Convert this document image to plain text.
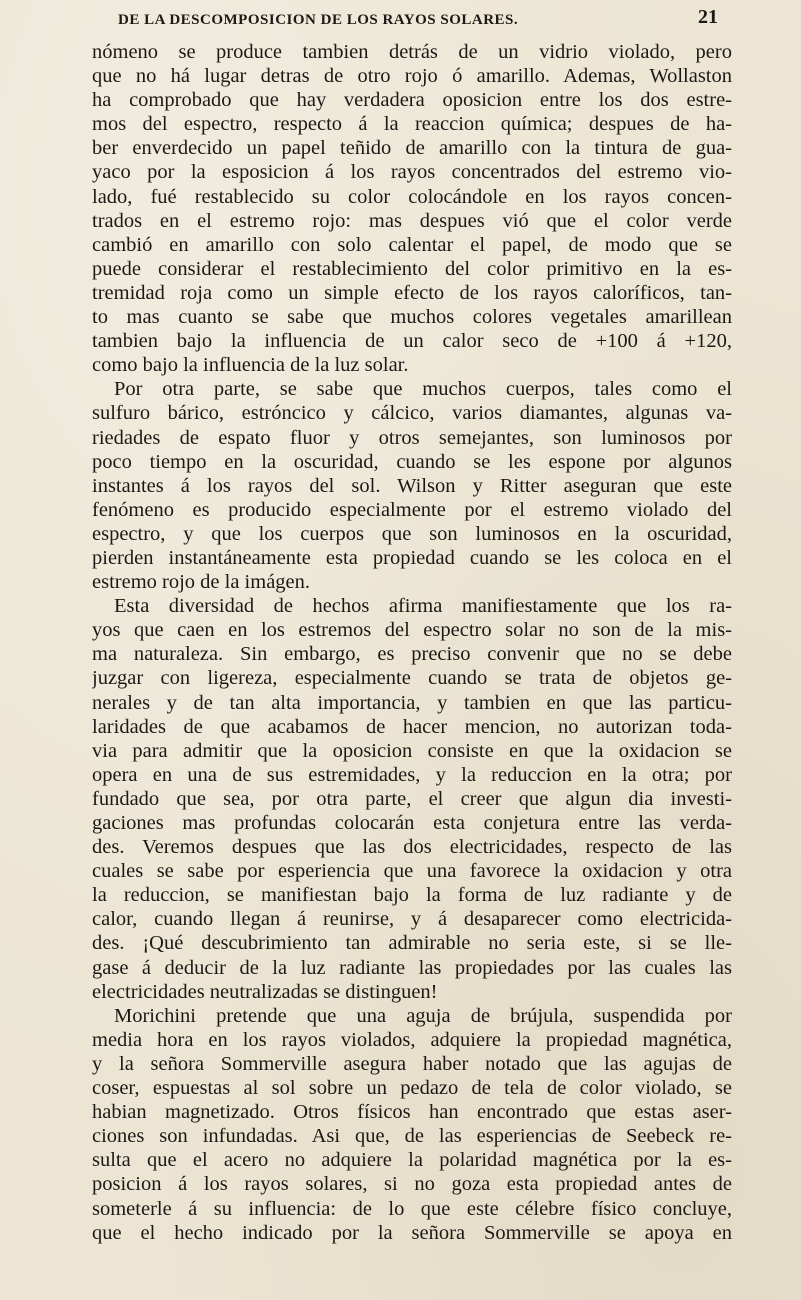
DE LA DESCOMPOSICION DE LOS RAYOS SOLARES.	21
nómeno se produce tambien detrás de un vidrio violado, pero
que no há lugar detras de otro rojo ó amarillo. Ademas, Wollaston
ha comprobado que hay verdadera oposicion entre los dos estre-
mos del espectro, respecto á la reaccion química; despues de ha-
ber enverdecido un papel teñido de amarillo con la tintura de gua-
yaco por la esposicion á los rayos concentrados del estremo vio-
lado, fué restablecido su color colocándole en los rayos concen-
trados en el estremo rojo: mas despues vió que el color verde
cambió en amarillo con solo calentar el papel, de modo que se
puede considerar el restablecimiento del color primitivo en la es-
tremidad roja como un simple efecto de los rayos caloríficos, tan-
to mas cuanto se sabe que muchos colores vegetales amarillean
tambien bajo la influencia de un calor seco de +100 á +120,
como bajo la influencia de la luz solar.
Por otra parte, se sabe que muchos cuerpos, tales como el
sulfuro bárico, estróncico y cálcico, varios diamantes, algunas va-
riedades de espato fluor y otros semejantes, son luminosos por
poco tiempo en la oscuridad, cuando se les espone por algunos
instantes á los rayos del sol. Wilson y Ritter aseguran que este
fenómeno es producido especialmente por el estremo violado del
espectro, y que los cuerpos que son luminosos en la oscuridad,
pierden instantáneamente esta propiedad cuando se les coloca en el
estremo rojo de la imágen.
Esta diversidad de hechos afirma manifiestamente que los ra-
yos que caen en los estremos del espectro solar no son de la mis-
ma naturaleza. Sin embargo, es preciso convenir que no se debe
juzgar con ligereza, especialmente cuando se trata de objetos ge-
nerales y de tan alta importancia, y tambien en que las particu-
laridades de que acabamos de hacer mencion, no autorizan toda-
via para admitir que la oposicion consiste en que la oxidacion se
opera en una de sus estremidades, y la reduccion en la otra; por
fundado que sea, por otra parte, el creer que algun dia investi-
gaciones mas profundas colocarán esta conjetura entre las verda-
des. Veremos despues que las dos electricidades, respecto de las
cuales se sabe por esperiencia que una favorece la oxidacion y otra
la reduccion, se manifiestan bajo la forma de luz radiante y de
calor, cuando llegan á reunirse, y á desaparecer como electricida-
des. ¡Qué descubrimiento tan admirable no seria este, si se lle-
gase á deducir de la luz radiante las propiedades por las cuales las
electricidades neutralizadas se distinguen!
Morichini pretende que una aguja de brújula, suspendida por
media hora en los rayos violados, adquiere la propiedad magnética,
y la señora Sommerville asegura haber notado que las agujas de
coser, espuestas al sol sobre un pedazo de tela de color violado, se
habian magnetizado. Otros físicos han encontrado que estas aser-
ciones son infundadas. Asi que, de las esperiencias de Seebeck re-
sulta que el acero no adquiere la polaridad magnética por la es-
posicion á los rayos solares, si no goza esta propiedad antes de
someterle á su influencia: de lo que este célebre físico concluye,
que el hecho indicado por la señora Sommerville se apoya en
